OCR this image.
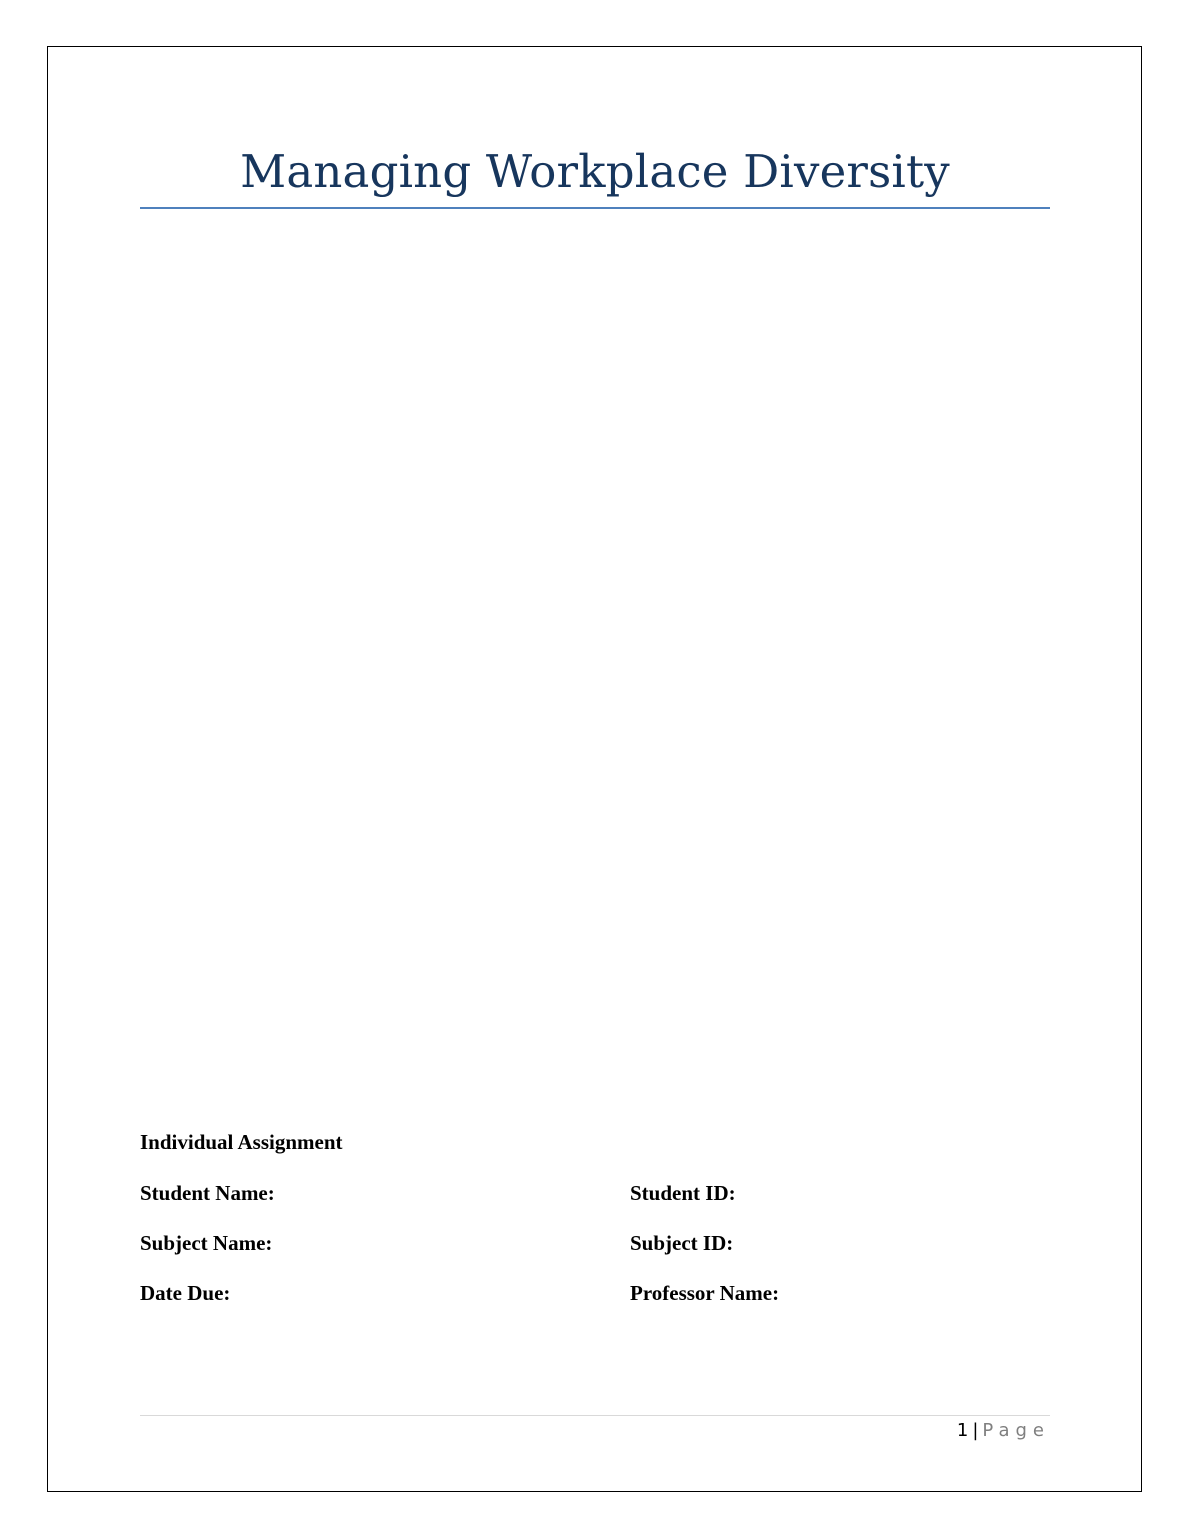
Managing Workplace Diversity
Individual Assignment
Student Name:	Student ID:
Subject Name:	Subject ID:
Date Due:	Professor Name:
1 | Page
